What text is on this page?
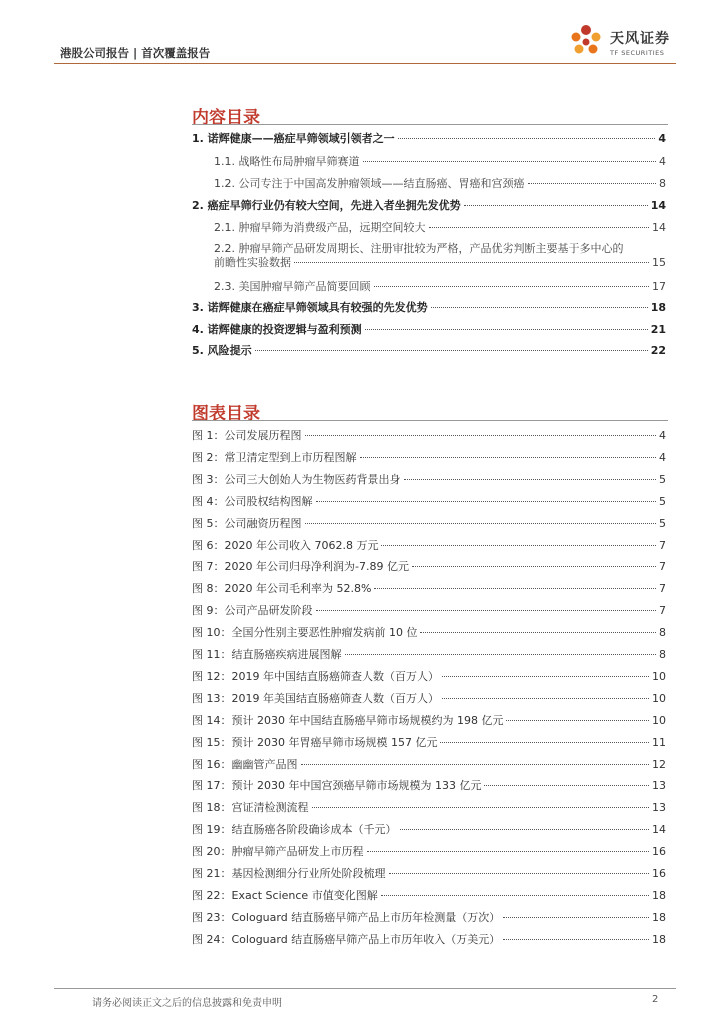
港股公司报告 | 首次覆盖报告
天风证券
TF SECURITIES
内容目录
1. 诺辉健康——癌症早筛领域引领者之一	4
1.1. 战略性布局肿瘤早筛赛道	4
1.2. 公司专注于中国高发肿瘤领域——结直肠癌、胃癌和宫颈癌	8
2. 癌症早筛行业仍有较大空间，先进入者坐拥先发优势	14
2.1. 肿瘤早筛为消费级产品，远期空间较大	14
2.2. 肿瘤早筛产品研发周期长、注册审批较为严格，产品优劣判断主要基于多中心的
前瞻性实验数据	15
2.3. 美国肿瘤早筛产品简要回顾	17
3. 诺辉健康在癌症早筛领域具有较强的先发优势	18
4. 诺辉健康的投资逻辑与盈利预测	21
5. 风险提示	22
图表目录
图 1：公司发展历程图	4
图 2：常卫清定型到上市历程图解	4
图 3：公司三大创始人为生物医药背景出身	5
图 4：公司股权结构图解	5
图 5：公司融资历程图	5
图 6：2020 年公司收入 7062.8 万元	7
图 7：2020 年公司归母净利润为-7.89 亿元	7
图 8：2020 年公司毛利率为 52.8%	7
图 9：公司产品研发阶段	7
图 10：全国分性别主要恶性肿瘤发病前 10 位	8
图 11：结直肠癌疾病进展图解	8
图 12：2019 年中国结直肠癌筛查人数（百万人）	10
图 13：2019 年美国结直肠癌筛查人数（百万人）	10
图 14：预计 2030 年中国结直肠癌早筛市场规模约为 198 亿元	10
图 15：预计 2030 年胃癌早筛市场规模 157 亿元	11
图 16：幽幽管产品图	12
图 17：预计 2030 年中国宫颈癌早筛市场规模为 133 亿元	13
图 18：宫证清检测流程	13
图 19：结直肠癌各阶段确诊成本（千元）	14
图 20：肿瘤早筛产品研发上市历程	16
图 21：基因检测细分行业所处阶段梳理	16
图 22：Exact Science 市值变化图解	18
图 23：Cologuard 结直肠癌早筛产品上市历年检测量（万次）	18
图 24：Cologuard 结直肠癌早筛产品上市历年收入（万美元）	18
请务必阅读正文之后的信息披露和免责申明	2
